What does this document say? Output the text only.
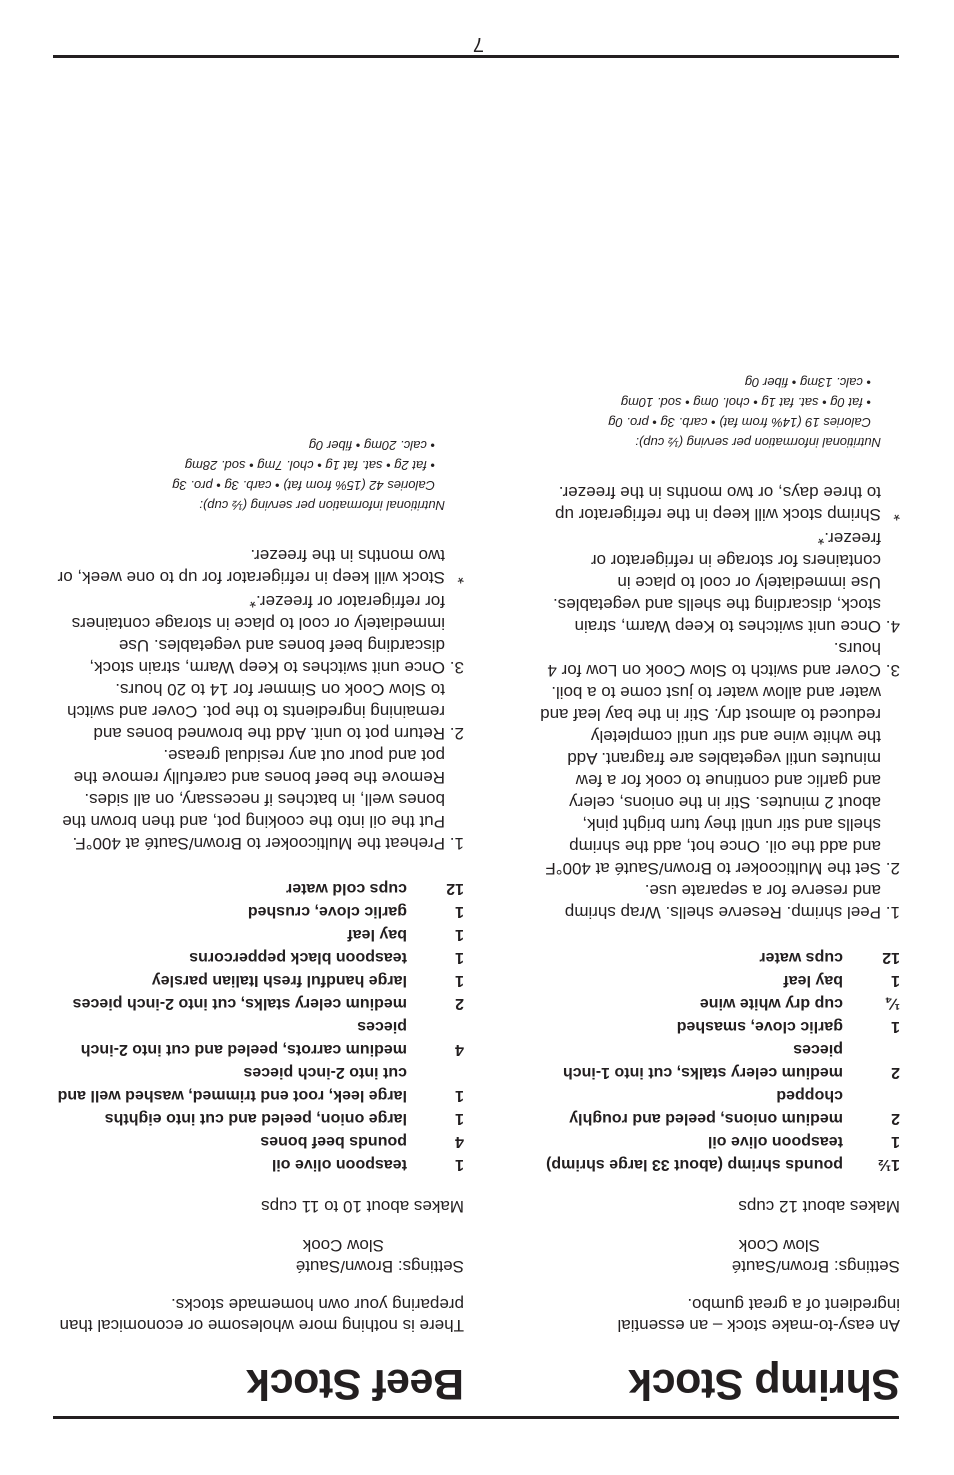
Shrimp Stock

An easy-to-make stock – an essential ingredient of a great gumbo.

Settings: Brown/Sauté
Slow Cook

Makes about 12 cups

1½
pounds shrimp (about 33 large shrimp)
1
teaspoon olive oil
2
medium onions, peeled and roughly chopped
2
medium celery stalks, cut into 1-inch pieces
1
garlic clove, smashed
¼
cup dry white wine
1
bay leaf
12
cups water
1.
Peel shrimp. Reserve shells. Wrap shrimp and reserve for a separate use.
2.
Set the Multicooker to Brown/Sauté at 400°F and add the oil. Once hot, add the shrimp shells and stir until they turn bright pink, about 2 minutes. Stir in the onions, celery and garlic and continue to cook for a few minutes until vegetables are fragrant. Add the white wine and stir until completely reduced to almost dry. Stir in the bay leaf and water and allow water to just come to a boil.
3.
Cover and switch to Slow Cook on Low for 4 hours.
4.
Once unit switches to Keep Warm, strain stock, discarding the shells and vegetables. Use immediately or cool to place in containers for storage in refrigerator or freezer.*
*
Shrimp stock will keep in the refrigerator up to three days, or two months in the freezer.
Nutritional information per serving (½ cup):
Calories 19 (14% from fat) • carb. 3g • pro. 0g
• fat 0g • sat. fat 1g • chol. 0mg • sod. 10mg
• calc. 13mg • fiber 0g
Beef Stock

There is nothing more wholesome or economical than preparing your own homemade stocks.

Settings: Brown/Sauté
Slow Cook

Makes about 10 to 11 cups

1
teaspoon olive oil
4
pounds beef bones
1
large onion, peeled and cut into eighths
1
large leek, root end trimmed, washed well and cut into 2-inch pieces
4
medium carrots, peeled and cut into 2-inch pieces
2
medium celery stalks, cut into 2-inch pieces
1
large handful fresh Italian parsley
1
teaspoon black peppercorns
1
bay leaf
1
garlic clove, crushed
12
cups cold water
1.
Preheat the Multicooker to Brown/Sauté at 400°F. Put the oil into the cooking pot, and then brown the bones well, in batches if necessary, on all sides. Remove the beef bones and carefully remove the pot and pour out any residual grease.
2.
Return pot to unit. Add the browned bones and remaining ingredients to the pot. Cover and switch to Slow Cook on Simmer for 14 to 20 hours.
3.
Once unit switches to Keep Warm, strain stock, discarding beef bones and vegetables. Use immediately or cool to place in storage containers for refrigerator or freezer.*
*
Stock will keep in refrigerator for up to one week, or two months in the freezer.
Nutritional information per serving (½ cup):
Calories 42 (15% from fat) • carb. 3g • pro. 3g
• fat 2g • sat. fat 1g • chol. 7mg • sod. 28mg
• calc. 20mg • fiber 0g
7
